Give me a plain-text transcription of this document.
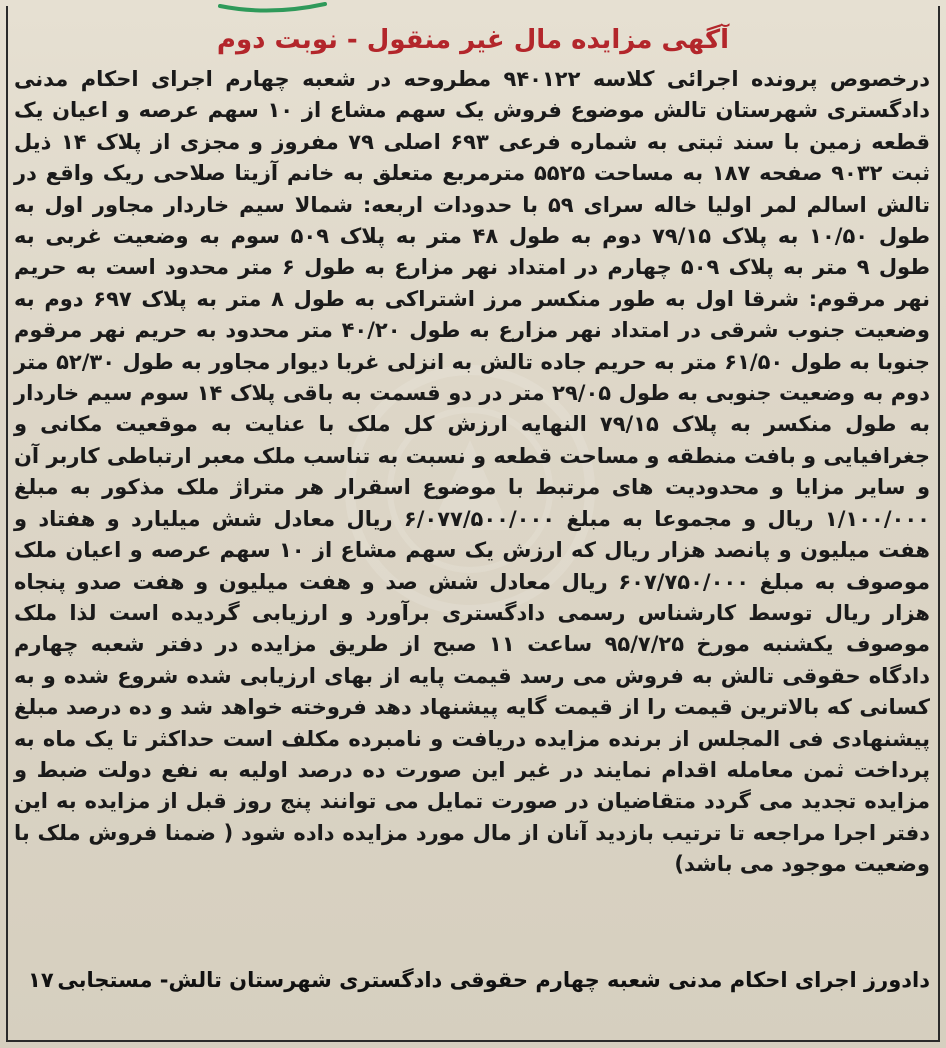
آگهی مزایده مال غیر منقول - نوبت دوم

درخصوص پرونده اجرائی کلاسه ۹۴۰۱۲۲ مطروحه در شعبه چهارم اجرای احکام مدنی دادگستری شهرستان تالش موضوع فروش یک سهم مشاع از ۱۰ سهم عرصه و اعیان یک قطعه زمین با سند ثبتی به شماره فرعی ۶۹۳ اصلی ۷۹ مفروز و مجزی از پلاک ۱۴ ذیل ثبت ۹۰۳۲ صفحه ۱۸۷ به مساحت ۵۵۲۵ مترمربع متعلق به خانم آزیتا صلاحی ریک واقع در تالش اسالم لمر اولیا خاله سرای ۵۹ با حدودات اربعه: شمالا سیم خاردار مجاور اول به طول ۱۰/۵۰ به پلاک ۷۹/۱۵ دوم به طول ۴۸ متر به پلاک ۵۰۹ سوم به وضعیت غربی به طول ۹ متر به پلاک ۵۰۹ چهارم در امتداد نهر مزارع به طول ۶ متر محدود است به حریم نهر مرقوم: شرقا اول به طور منکسر مرز اشتراکی به طول ۸ متر به پلاک ۶۹۷ دوم به وضعیت جنوب شرقی در امتداد نهر مزارع به طول ۴۰/۲۰ متر محدود به حریم نهر مرقوم جنوبا به طول ۶۱/۵۰ متر به حریم جاده تالش به انزلی غربا دیوار مجاور به طول ۵۲/۳۰ متر دوم به وضعیت جنوبی به طول ۲۹/۰۵ متر در دو قسمت به باقی پلاک ۱۴ سوم سیم خاردار به طول منکسر به پلاک ۷۹/۱۵ النهایه ارزش کل ملک با عنایت به موقعیت مکانی و جغرافیایی و بافت منطقه و مساحت قطعه و نسبت به تناسب ملک معبر ارتباطی کاربر آن و سایر مزایا و محدودیت های مرتبط با موضوع اسقرار هر متراژ ملک مذکور به مبلغ ۱/۱۰۰/۰۰۰ ریال و مجموعا به مبلغ ۶/۰۷۷/۵۰۰/۰۰۰ ریال معادل شش میلیارد و هفتاد و هفت میلیون و پانصد هزار ریال که ارزش یک سهم مشاع از ۱۰ سهم عرصه و اعیان ملک موصوف به مبلغ ۶۰۷/۷۵۰/۰۰۰ ریال معادل شش صد و هفت میلیون و هفت صدو پنجاه هزار ریال توسط کارشناس رسمی دادگستری برآورد و ارزیابی گردیده است لذا ملک موصوف یکشنبه مورخ ۹۵/۷/۲۵ ساعت ۱۱ صبح از طریق مزایده در دفتر شعبه چهارم دادگاه حقوقی تالش به فروش می رسد قیمت پایه از بهای ارزیابی شده شروع شده و به کسانی که بالاترین قیمت را از قیمت گایه پیشنهاد دهد فروخته خواهد شد و ده درصد مبلغ پیشنهادی فی المجلس از برنده مزایده دریافت و نامبرده مکلف است حداکثر تا یک ماه به پرداخت ثمن معامله اقدام نمایند در غیر این صورت ده درصد اولیه به نفع دولت ضبط و مزایده تجدید می گردد متقاضیان در صورت تمایل می توانند پنج روز قبل از مزایده به این دفتر اجرا مراجعه تا ترتیب بازدید آنان از مال مورد مزایده داده شود ( ضمنا فروش ملک با وضعیت موجود می باشد)

دادورز اجرای احکام مدنی شعبه چهارم حقوقی دادگستری شهرستان تالش- مستجابی
۱۷
